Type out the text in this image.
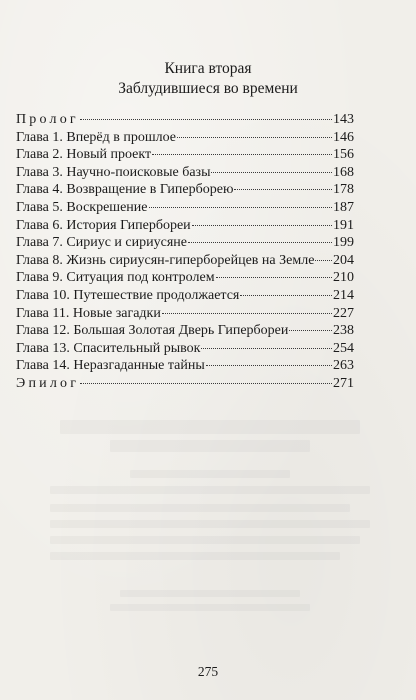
Книга вторая
Заблудившиеся во времени
Пролог	143
Глава 1. Вперёд в прошлое	146
Глава 2. Новый проект	156
Глава 3. Научно-поисковые базы	168
Глава 4. Возвращение в Гиперборею	178
Глава 5. Воскрешение	187
Глава 6. История Гипербореи	191
Глава 7. Сириус и сириусяне	199
Глава 8. Жизнь сириусян-гиперборейцев на Земле 204
Глава 9. Ситуация под контролем	210
Глава 10. Путешествие продолжается	214
Глава 11. Новые загадки	227
Глава 12. Большая Золотая Дверь Гипербореи	238
Глава 13. Спасительный рывок	254
Глава 14. Неразгаданные тайны	263
Эпилог	271
275
